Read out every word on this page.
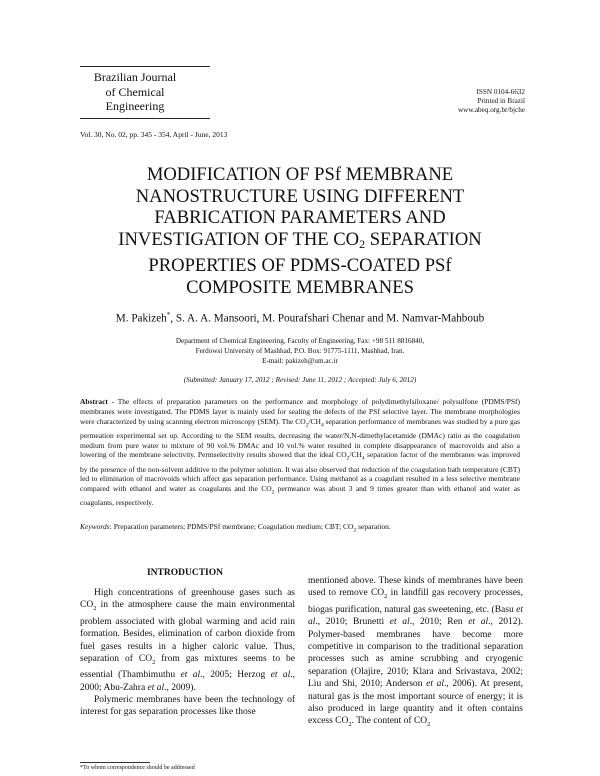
Brazilian Journal
of Chemical
Engineering
ISSN 0104-6632
Printed in Brazil
www.abeq.org.br/bjche
Vol. 30, No. 02, pp. 345 - 354, April - June, 2013
MODIFICATION OF PSf MEMBRANE
NANOSTRUCTURE USING DIFFERENT
FABRICATION PARAMETERS AND
INVESTIGATION OF THE $CO_2$ SEPARATION
PROPERTIES OF PDMS-COATED PSf
COMPOSITE MEMBRANES
M. Pakizeh*, S. A. A. Mansoori, M. Pourafshari Chenar and M. Namvar-Mahboub
Department of Chemical Engineering, Faculty of Engineering, Fax: +98 511 8816840,
Ferdowsi University of Mashhad, P.O. Box: 91775-1111, Mashhad, Iran.
E-mail: pakizeh@um.ac.ir
(Submitted: January 17, 2012 ; Revised: June 11, 2012 ; Accepted: July 6, 2012)
Abstract - The effects of preparation parameters on the performance and morphology of polydimethylsiloxane/ polysulfone (PDMS/PSf) membranes were investigated. The PDMS layer is mainly used for sealing the defects of the PSf selective layer. The membrane morphologies were characterized by using scanning electron microscopy (SEM). The $CO_2/CH_4$ separation performance of membranes was studied by a pure gas permeation experimental set up. According to the SEM results, decreasing the water/N,N-dimethylacetamide (DMAc) ratio as the coagulation medium from pure water to mixture of 90 vol.% DMAc and 10 vol.% water resulted in complete disappearance of macrovoids and also a lowering of the membrane selectivity. Permselectivity results showed that the ideal $CO_2/CH_4$ separation factor of the membranes was improved by the presence of the non-solvent additive to the polymer solution. It was also observed that reduction of the coagulation bath temperature (CBT) led to elimination of macrovoids which affect gas separation performance. Using methanol as a coagulant resulted in a less selective membrane compared with ethanol and water as coagulants and the $CO_2$ permeance was about 3 and 9 times greater than with ethanol and water as coagulants, respectively.
Keywords: Preparation parameters; PDMS/PSf membrane; Coagulation medium; CBT; $CO_2$ separation.
INTRODUCTION

High concentrations of greenhouse gases such as $CO_2$ in the atmosphere cause the main environmental problem associated with global warming and acid rain formation. Besides, elimination of carbon dioxide from fuel gases results in a higher caloric value. Thus, separation of $CO_2$ from gas mixtures seems to be essential (Thambimuthu et al., 2005; Herzog et al., 2000; Abu-Zahra et al., 2009).

Polymeric membranes have been the technology of interest for gas separation processes like those

mentioned above. These kinds of membranes have been used to remove $CO_2$ in landfill gas recovery processes, biogas purification, natural gas sweetening, etc. (Basu et al., 2010; Brunetti et al., 2010; Ren et al., 2012). Polymer-based membranes have become more competitive in comparison to the traditional separation processes such as amine scrubbing and cryogenic separation (Olajire, 2010; Klara and Srivastava, 2002; Liu and Shi, 2010; Anderson et al., 2006). At present, natural gas is the most important source of energy; it is also produced in large quantity and it often contains excess $CO_2$. The content of $CO_2$

*To whom correspondence should be addressed
